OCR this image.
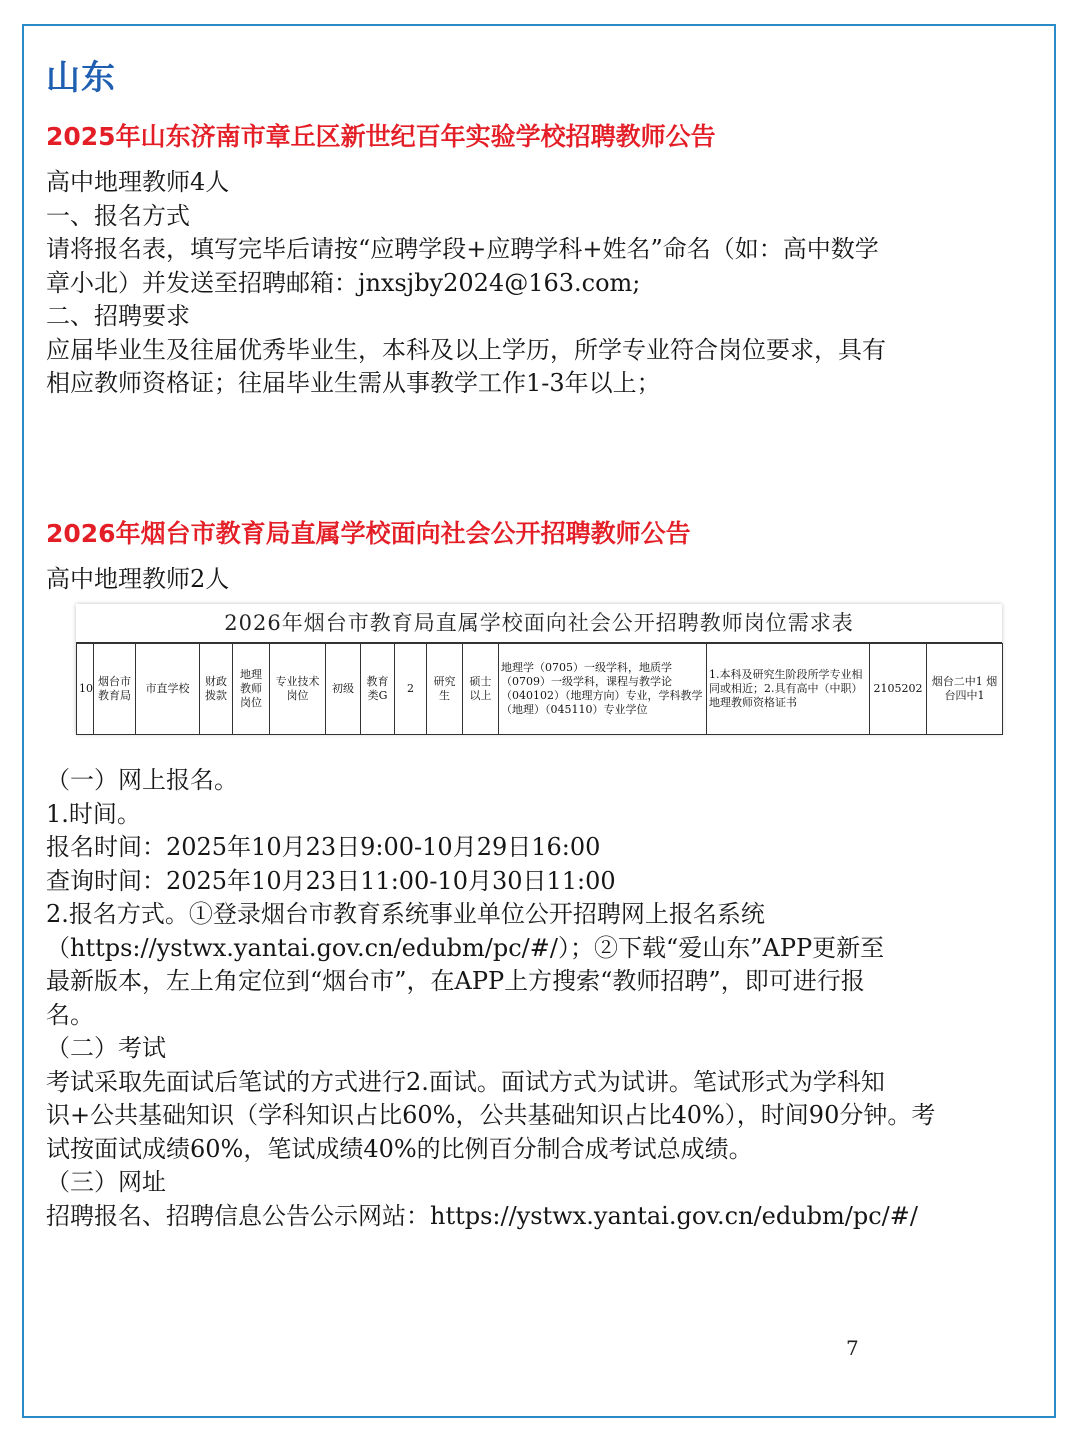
山东
2025年山东济南市章丘区新世纪百年实验学校招聘教师公告
高中地理教师4人
一、报名方式
请将报名表，填写完毕后请按“应聘学段+应聘学科+姓名”命名（如：高中数学
章小北）并发送至招聘邮箱：jnxsjby2024@163.com;
二、招聘要求
应届毕业生及往届优秀毕业生，本科及以上学历，所学专业符合岗位要求，具有
相应教师资格证；往届毕业生需从事教学工作1-3年以上；
2026年烟台市教育局直属学校面向社会公开招聘教师公告
高中地理教师2人
2026年烟台市教育局直属学校面向社会公开招聘教师岗位需求表
10	烟台市教育局	市直学校	财政拨款	地理教师岗位	专业技术岗位	初级	教育类G	2	研究生	硕士以上	地理学（0705）一级学科，地质学（0709）一级学科，课程与教学论（040102）（地理方向）专业，学科教学（地理）（045110）专业学位	1.本科及研究生阶段所学专业相同或相近；2.具有高中（中职）地理教师资格证书	2105202	烟台二中1 烟台四中1
（一）网上报名。
1.时间。
报名时间：2025年10月23日9:00-10月29日16:00
查询时间：2025年10月23日11:00-10月30日11:00
2.报名方式。①登录烟台市教育系统事业单位公开招聘网上报名系统
（https://ystwx.yantai.gov.cn/edubm/pc/#/）；②下载“爱山东”APP更新至
最新版本，左上角定位到“烟台市”，在APP上方搜索“教师招聘”，即可进行报
名。
（二）考试
考试采取先面试后笔试的方式进行2.面试。面试方式为试讲。笔试形式为学科知
识+公共基础知识（学科知识占比60%，公共基础知识占比40%），时间90分钟。考
试按面试成绩60%，笔试成绩40%的比例百分制合成考试总成绩。
（三）网址
招聘报名、招聘信息公告公示网站：https://ystwx.yantai.gov.cn/edubm/pc/#/
7
